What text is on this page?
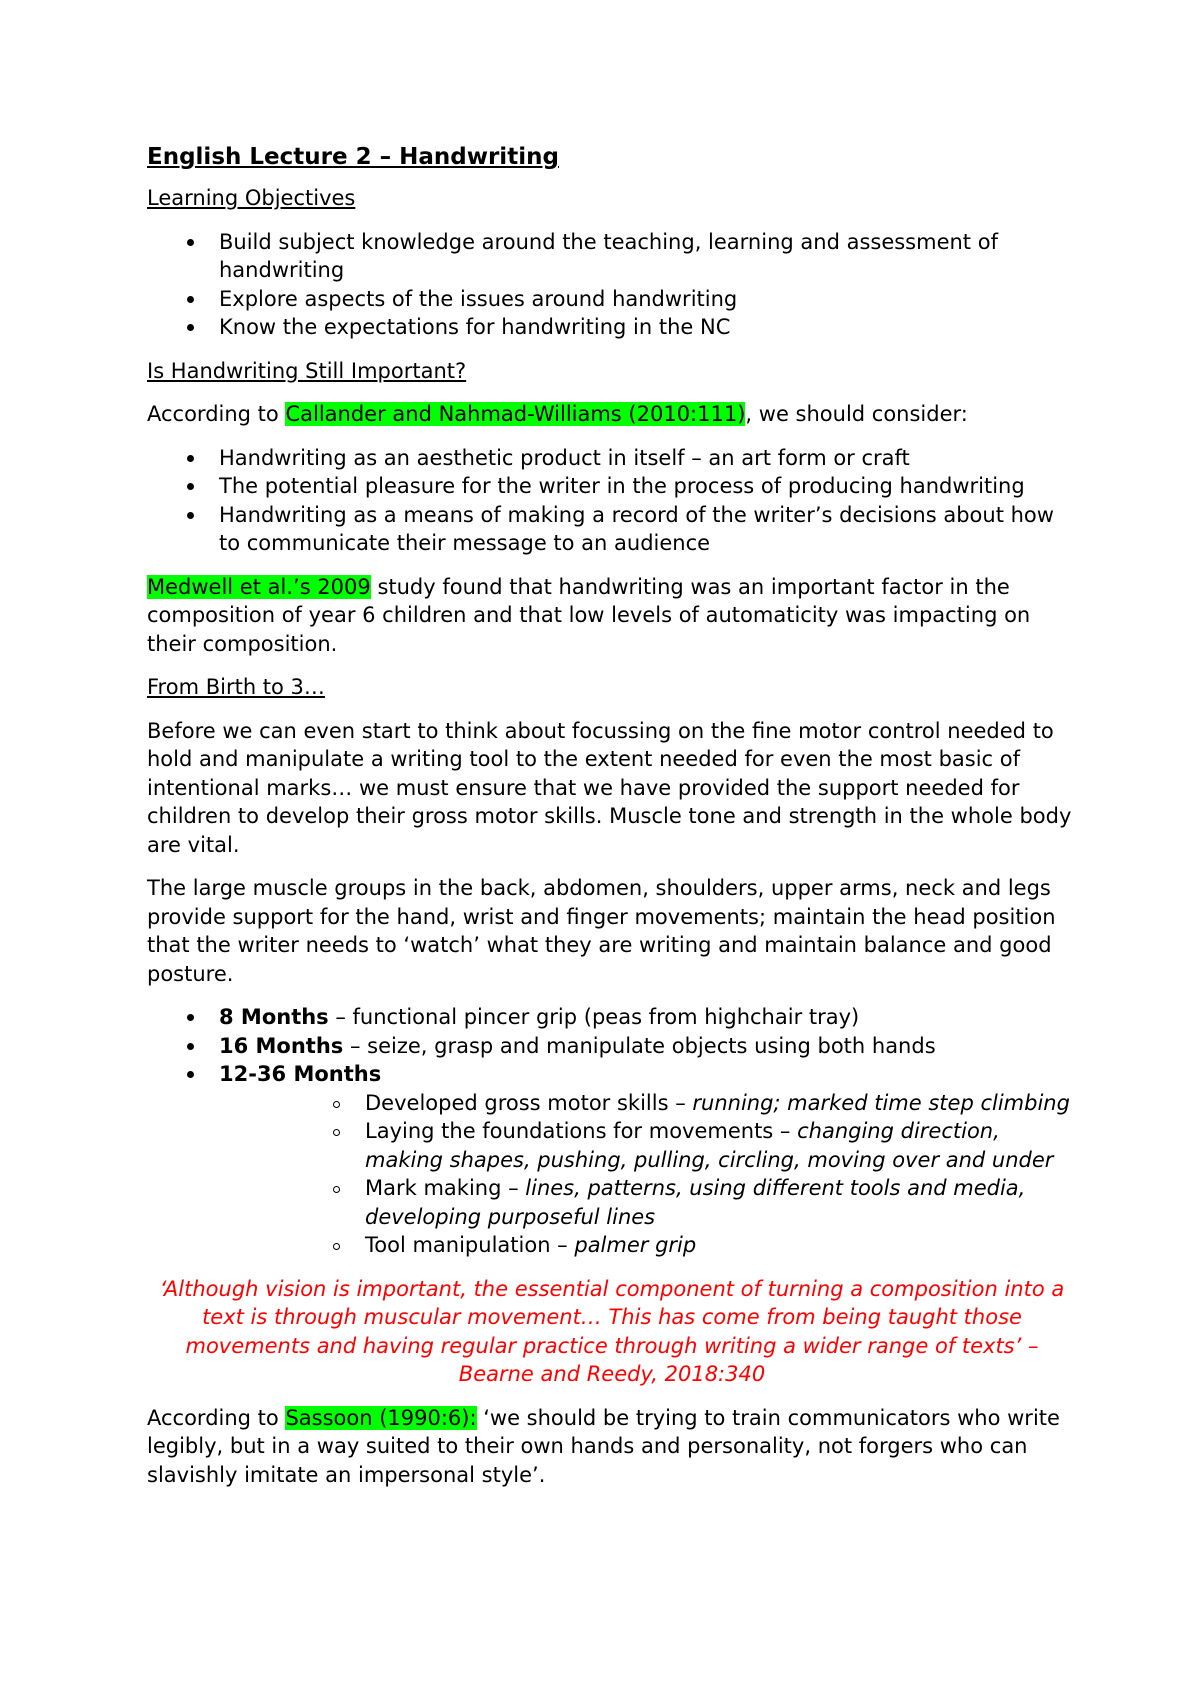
English Lecture 2 – Handwriting
Learning Objectives
Build subject knowledge around the teaching, learning and assessment of handwriting
Explore aspects of the issues around handwriting
Know the expectations for handwriting in the NC
Is Handwriting Still Important?

According to Callander and Nahmad-Williams (2010:111), we should consider:

Handwriting as an aesthetic product in itself – an art form or craft
The potential pleasure for the writer in the process of producing handwriting
Handwriting as a means of making a record of the writer’s decisions about how to communicate their message to an audience

Medwell et al.’s 2009 study found that handwriting was an important factor in the composition of year 6 children and that low levels of automaticity was impacting on their composition.

From Birth to 3…

Before we can even start to think about focussing on the fine motor control needed to hold and manipulate a writing tool to the extent needed for even the most basic of intentional marks… we must ensure that we have provided the support needed for children to develop their gross motor skills. Muscle tone and strength in the whole body are vital.

The large muscle groups in the back, abdomen, shoulders, upper arms, neck and legs provide support for the hand, wrist and finger movements; maintain the head position that the writer needs to ‘watch’ what they are writing and maintain balance and good posture.

8 Months – functional pincer grip (peas from highchair tray)
16 Months – seize, grasp and manipulate objects using both hands
12-36 Months
Developed gross motor skills – running; marked time step climbing
Laying the foundations for movements – changing direction, making shapes, pushing, pulling, circling, moving over and under
Mark making – lines, patterns, using different tools and media, developing purposeful lines
Tool manipulation – palmer grip

‘Although vision is important, the essential component of turning a composition into a text is through muscular movement… This has come from being taught those movements and having regular practice through writing a wider range of texts’ – Bearne and Reedy, 2018:340

According to Sassoon (1990:6): ‘we should be trying to train communicators who write legibly, but in a way suited to their own hands and personality, not forgers who can slavishly imitate an impersonal style’.
